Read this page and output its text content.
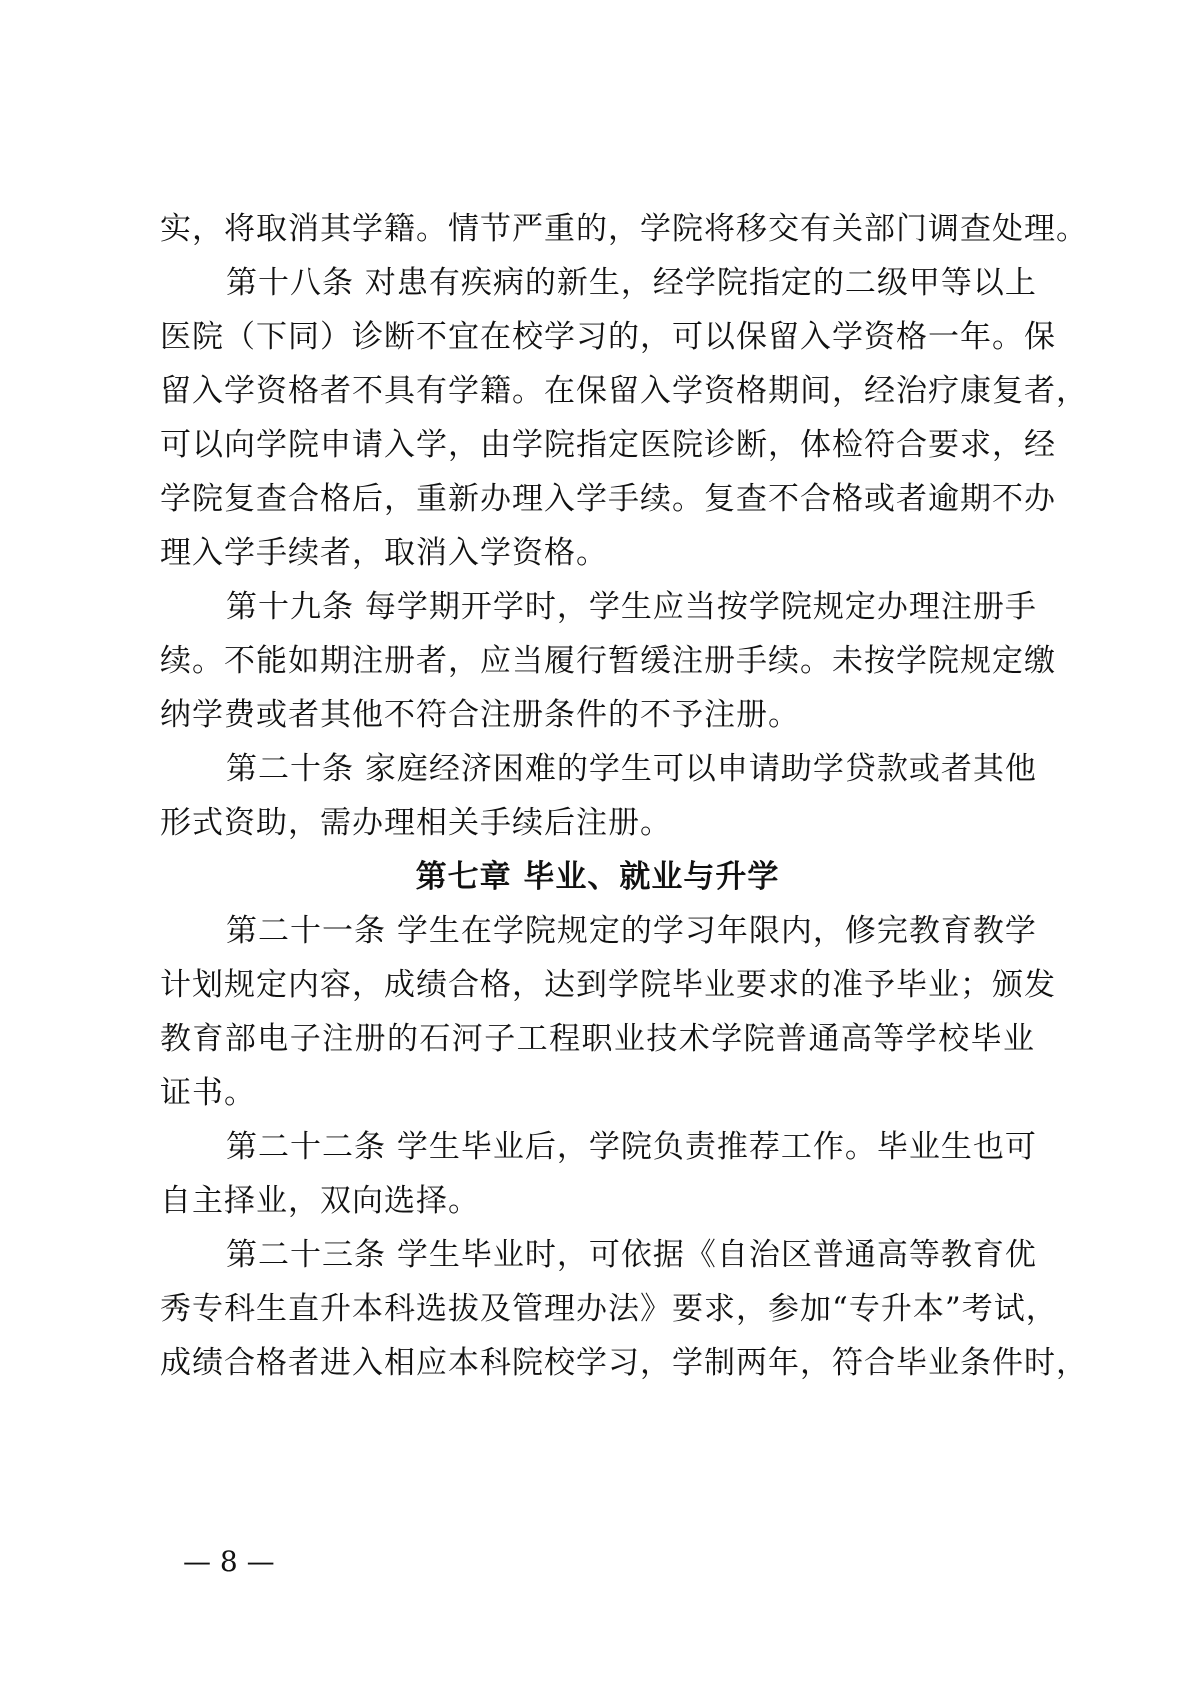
实，将取消其学籍。情节严重的，学院将移交有关部门调查处理。
第十八条 对患有疾病的新生，经学院指定的二级甲等以上
医院（下同）诊断不宜在校学习的，可以保留入学资格一年。保
留入学资格者不具有学籍。在保留入学资格期间，经治疗康复者，
可以向学院申请入学，由学院指定医院诊断，体检符合要求，经
学院复查合格后，重新办理入学手续。复查不合格或者逾期不办
理入学手续者，取消入学资格。
第十九条 每学期开学时，学生应当按学院规定办理注册手
续。不能如期注册者，应当履行暂缓注册手续。未按学院规定缴
纳学费或者其他不符合注册条件的不予注册。
第二十条 家庭经济困难的学生可以申请助学贷款或者其他
形式资助，需办理相关手续后注册。
第七章 毕业、就业与升学
第二十一条 学生在学院规定的学习年限内，修完教育教学
计划规定内容，成绩合格，达到学院毕业要求的准予毕业；颁发
教育部电子注册的石河子工程职业技术学院普通高等学校毕业
证书。
第二十二条 学生毕业后，学院负责推荐工作。毕业生也可
自主择业，双向选择。
第二十三条 学生毕业时，可依据《自治区普通高等教育优
秀专科生直升本科选拔及管理办法》要求，参加“专升本”考试，
成绩合格者进入相应本科院校学习，学制两年，符合毕业条件时，
— 8 —
